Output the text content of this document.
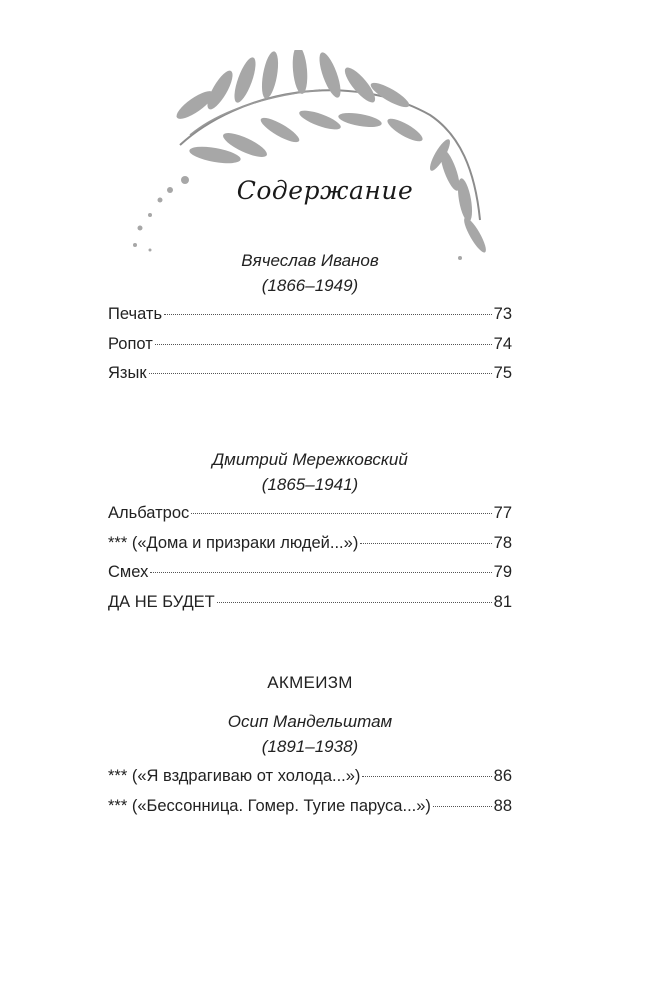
Содержание
Вячеслав Иванов
(1866–1949)
Печать	73
Ропот	74
Язык	75
Дмитрий Мережковский
(1865–1941)
Альбатрос	77
*** («Дома и призраки людей...»)	78
Смех	79
ДА НЕ БУДЕТ	81
АКМЕИЗМ
Осип Мандельштам
(1891–1938)
*** («Я вздрагиваю от холода...»)	86
*** («Бессонница. Гомер. Тугие паруса...»)	88
